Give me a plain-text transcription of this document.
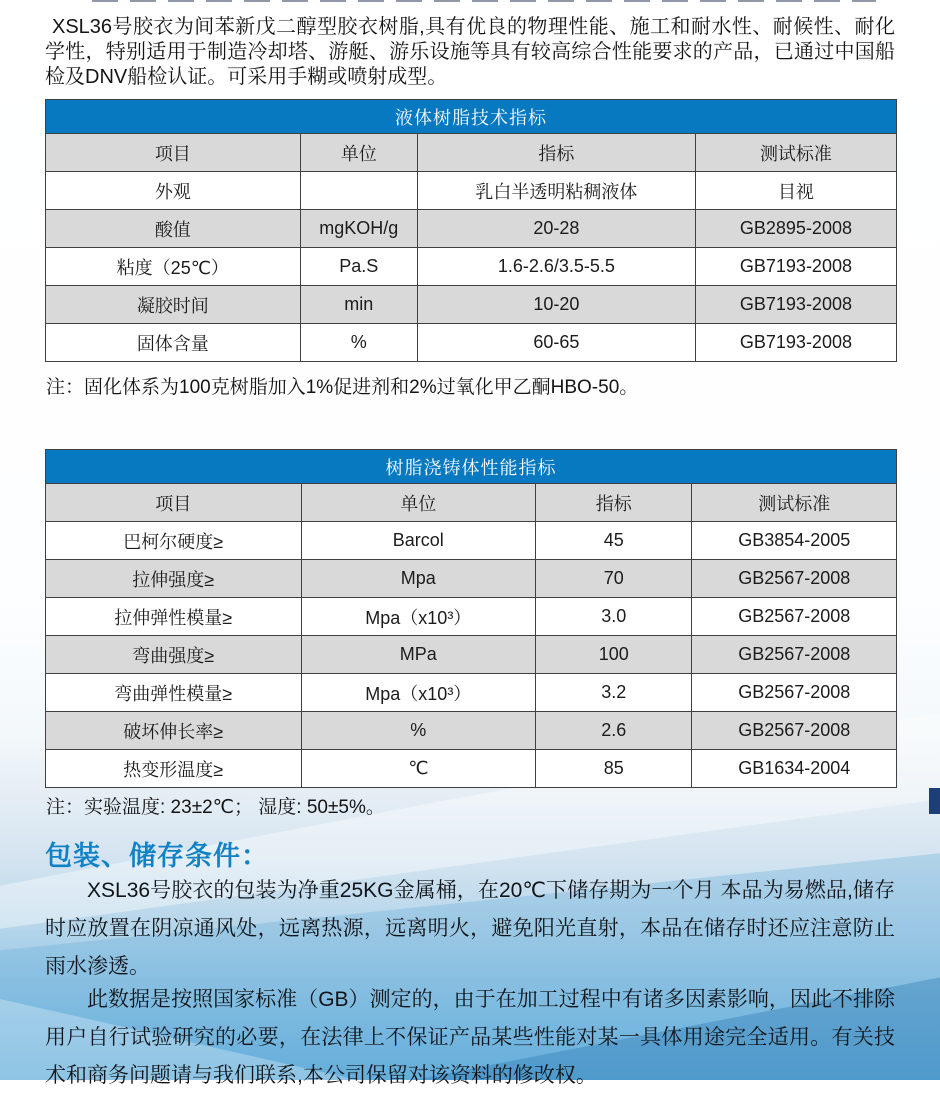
XSL36号胶衣为间苯新戊二醇型胶衣树脂,具有优良的物理性能、施工和耐水性、耐候性、耐化学性，特别适用于制造冷却塔、游艇、游乐设施等具有较高综合性能要求的产品，已通过中国船检及DNV船检认证。可采用手糊或喷射成型。
液体树脂技术指标
项目	单位	指标	测试标准
外观		乳白半透明粘稠液体	目视
酸值	mgKOH/g	20-28	GB2895-2008
粘度（25℃）	Pa.S	1.6-2.6/3.5-5.5	GB7193-2008
凝胶时间	min	10-20	GB7193-2008
固体含量	%	60-65	GB7193-2008
注：固化体系为100克树脂加入1%促进剂和2%过氧化甲乙酮HBO-50。
树脂浇铸体性能指标
项目	单位	指标	测试标准
巴柯尔硬度≥	Barcol	45	GB3854-2005
拉伸强度≥	Mpa	70	GB2567-2008
拉伸弹性模量≥	Mpa（x10³）	3.0	GB2567-2008
弯曲强度≥	MPa	100	GB2567-2008
弯曲弹性模量≥	Mpa（x10³）	3.2	GB2567-2008
破坏伸长率≥	%	2.6	GB2567-2008
热变形温度≥	℃	85	GB1634-2004
注：实验温度: 23±2℃； 湿度: 50±5%。
包装、储存条件：
XSL36号胶衣的包装为净重25KG金属桶，在20℃下储存期为一个月 本品为易燃品,储存时应放置在阴凉通风处，远离热源，远离明火，避免阳光直射，本品在储存时还应注意防止雨水渗透。
此数据是按照国家标准（GB）测定的，由于在加工过程中有诸多因素影响，因此不排除用户自行试验研究的必要，在法律上不保证产品某些性能对某一具体用途完全适用。有关技术和商务问题请与我们联系,本公司保留对该资料的修改权。
